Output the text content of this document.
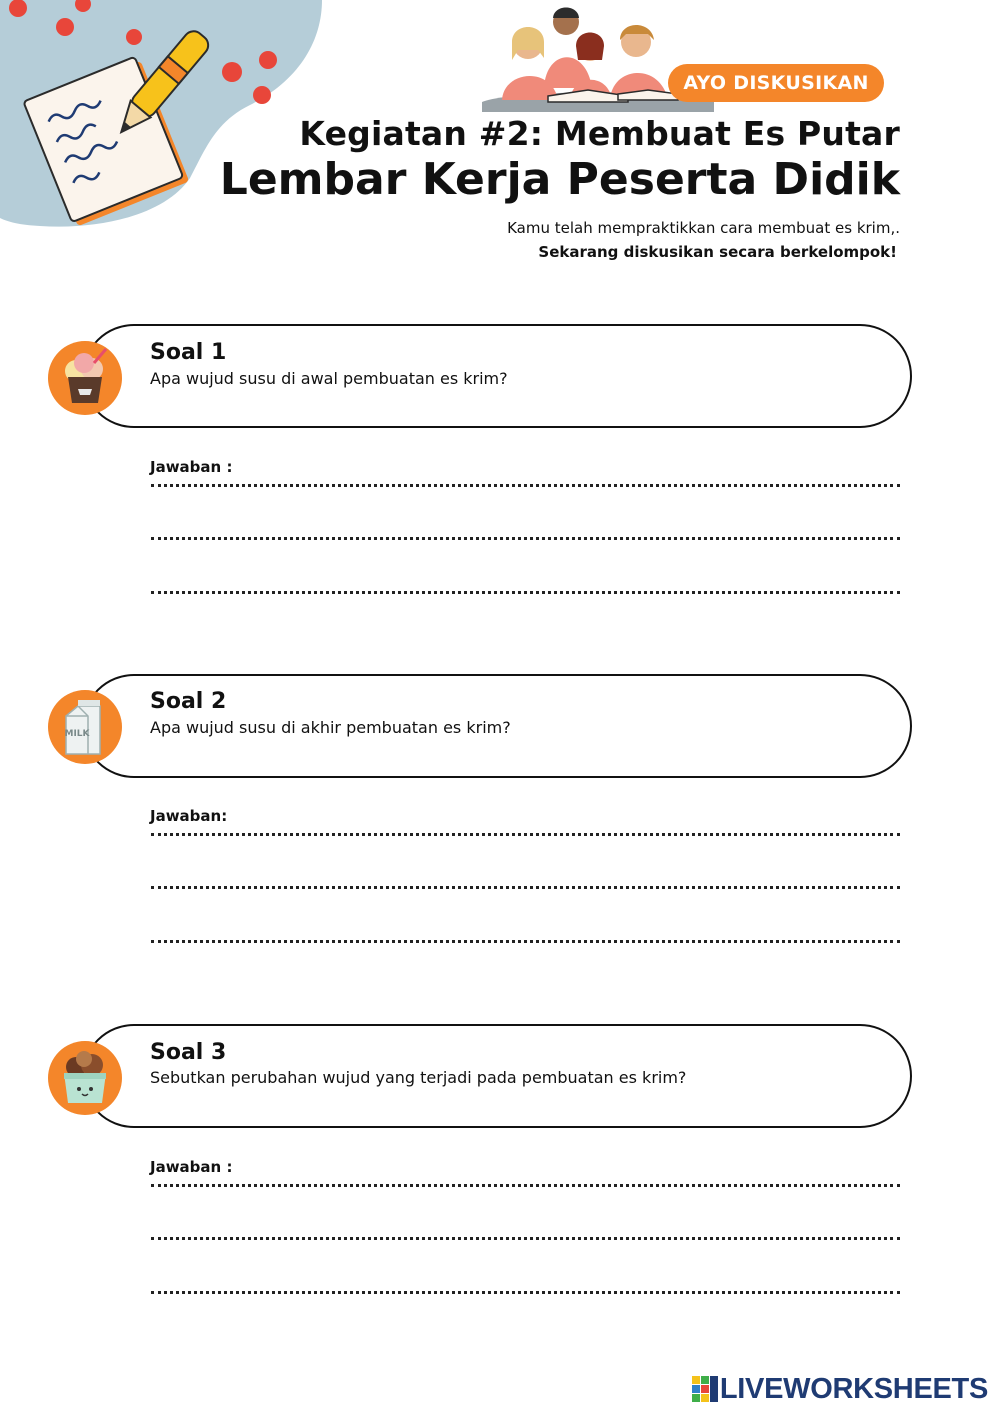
AYO DISKUSIKAN
Kegiatan #2: Membuat Es Putar
Lembar Kerja Peserta Didik
Kamu telah mempraktikkan cara membuat es krim,.
Sekarang diskusikan secara berkelompok!
Soal 1
Apa wujud susu di awal pembuatan es krim?
Jawaban :
MILK
Soal 2
Apa wujud susu di akhir pembuatan es krim?
Jawaban:
Soal 3
Sebutkan perubahan wujud yang terjadi pada pembuatan es krim?
Jawaban :
LIVEWORKSHEETS
